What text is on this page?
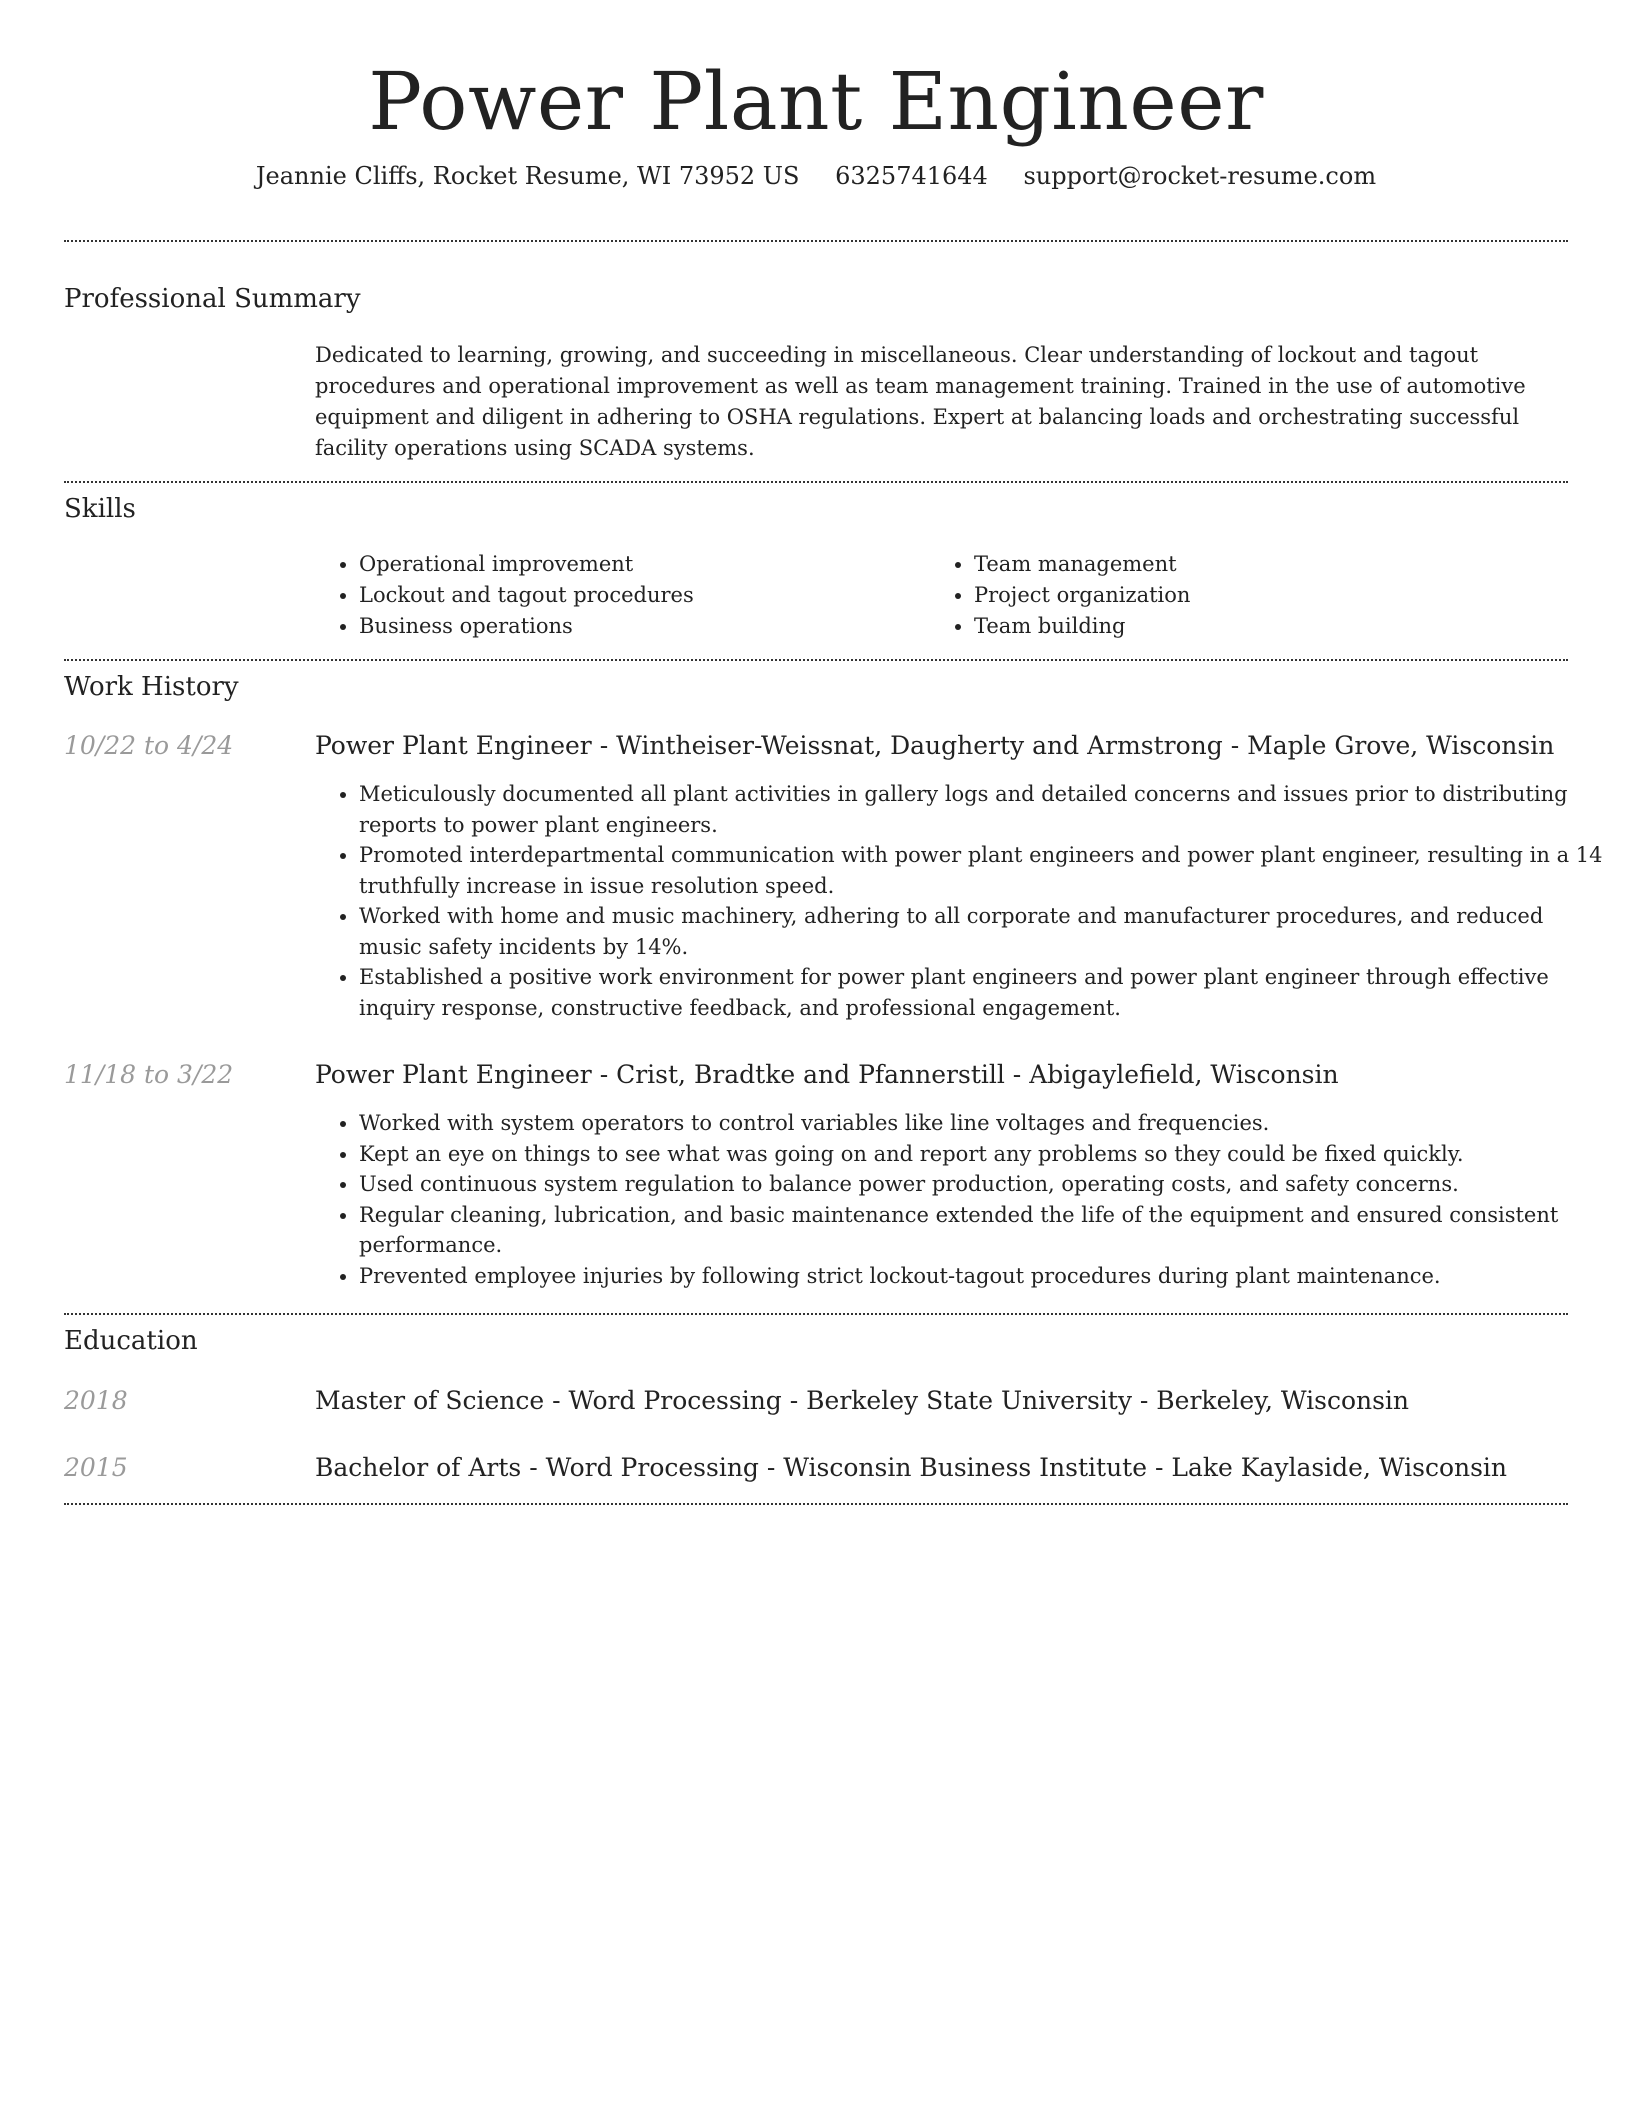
Power Plant Engineer
Jeannie Cliffs, Rocket Resume, WI 73952 US 6325741644 support@rocket-resume.com
Professional Summary

Dedicated to learning, growing, and succeeding in miscellaneous. Clear understanding of lockout and tagout procedures and operational improvement as well as team management training. Trained in the use of automotive equipment and diligent in adhering to OSHA regulations. Expert at balancing loads and orchestrating successful facility operations using SCADA systems.

Skills
• Operational improvement
• Lockout and tagout procedures
• Business operations
• Team management
• Project organization
• Team building
Work History
10/22 to 4/24	Power Plant Engineer - Wintheiser-Weissnat, Daugherty and Armstrong - Maple Grove, Wisconsin
• Meticulously documented all plant activities in gallery logs and detailed concerns and issues prior to distributing reports to power plant engineers.
• Promoted interdepartmental communication with power plant engineers and power plant engineer, resulting in a 14 truthfully increase in issue resolution speed.
• Worked with home and music machinery, adhering to all corporate and manufacturer procedures, and reduced music safety incidents by 14%.
• Established a positive work environment for power plant engineers and power plant engineer through effective inquiry response, constructive feedback, and professional engagement.
11/18 to 3/22	Power Plant Engineer - Crist, Bradtke and Pfannerstill - Abigaylefield, Wisconsin
• Worked with system operators to control variables like line voltages and frequencies.
• Kept an eye on things to see what was going on and report any problems so they could be fixed quickly.
• Used continuous system regulation to balance power production, operating costs, and safety concerns.
• Regular cleaning, lubrication, and basic maintenance extended the life of the equipment and ensured consistent performance.
• Prevented employee injuries by following strict lockout-tagout procedures during plant maintenance.
Education
2018	Master of Science - Word Processing - Berkeley State University - Berkeley, Wisconsin
2015	Bachelor of Arts - Word Processing - Wisconsin Business Institute - Lake Kaylaside, Wisconsin
